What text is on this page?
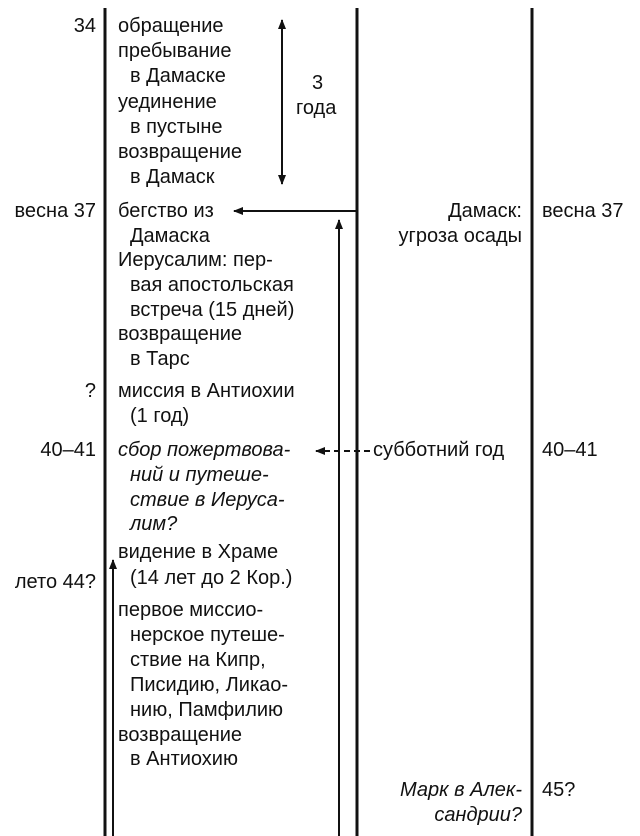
34
весна 37
?
40–41
лето 44?
обращение
пребывание
в Дамаске
уединение
в пустыне
возвращение
в Дамаск
бегство из
Дамаска
Иерусалим: пер-
вая апостольская
встреча (15 дней)
возвращение
в Тарс
миссия в Антиохии
(1 год)
сбор пожертвова-
ний и путеше-
ствие в Иеруса-
лим?
видение в Храме
(14 лет до 2 Кор.)
первое миссио-
нерское путеше-
ствие на Кипр,
Писидию, Ликао-
нию, Памфилию
возвращение
в Антиохию
3
года
Дамаск:
угроза осады
субботний год
Марк в Алек-
сандрии?
весна 37
40–41
45?
